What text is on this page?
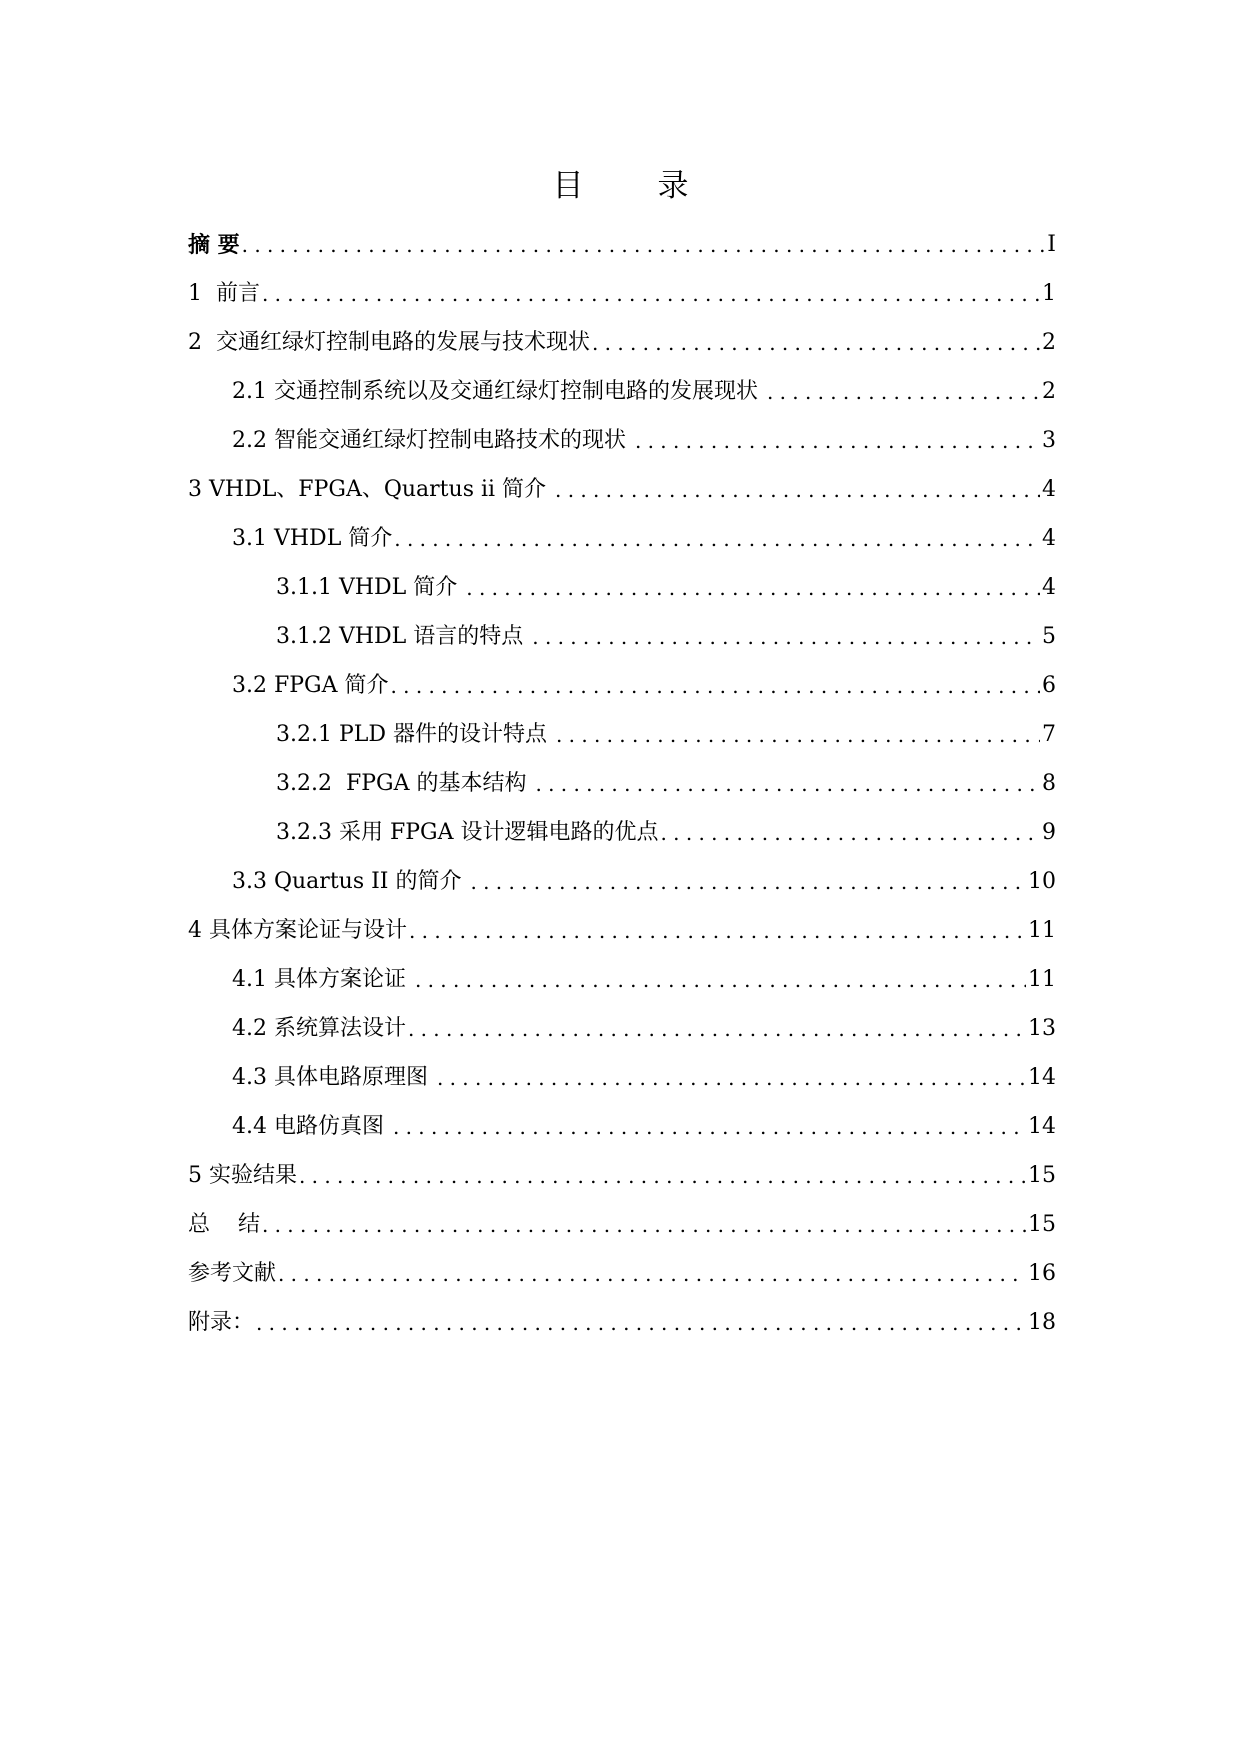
目 录
摘 要 .....	I
1  前言 .....	1
2  交通红绿灯控制电路的发展与技术现状 .....	2
2.1 交通控制系统以及交通红绿灯控制电路的发展现状 .....	2
2.2 智能交通红绿灯控制电路技术的现状 .....	3
3 VHDL、FPGA、Quartus ii 简介 .....	4
3.1 VHDL 简介 .....	4
3.1.1 VHDL 简介 .....	4
3.1.2 VHDL 语言的特点 .....	5
3.2 FPGA 简介 .....	6
3.2.1 PLD 器件的设计特点 .....	7
3.2.2  FPGA 的基本结构 .....	8
3.2.3 采用 FPGA 设计逻辑电路的优点 .....	9
3.3 Quartus II 的简介 .....	10
4 具体方案论证与设计 .....	11
4.1 具体方案论证 .....	11
4.2 系统算法设计 .....	13
4.3 具体电路原理图 .....	14
4.4 电路仿真图 .....	14
5 实验结果 .....	15
总    结 .....	15
参考文献 .....	16
附录： .....	18
